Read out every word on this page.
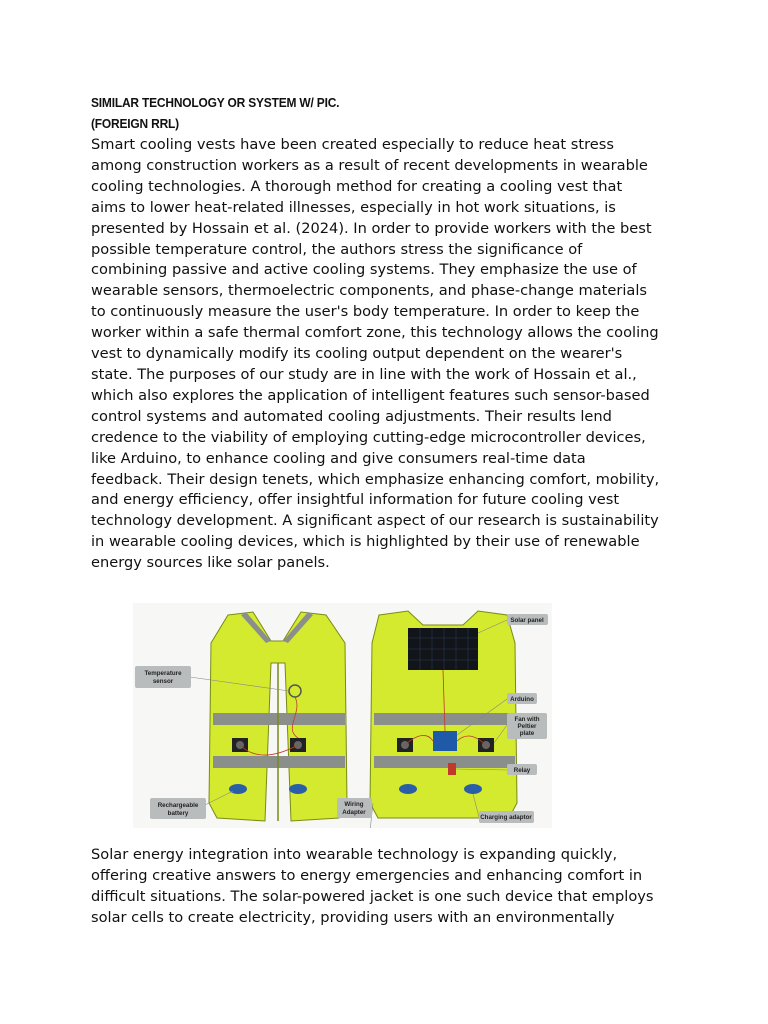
SIMILAR TECHNOLOGY OR SYSTEM W/ PIC.
(FOREIGN RRL)
Smart cooling vests have been created especially to reduce heat stress
among construction workers as a result of recent developments in wearable
cooling technologies. A thorough method for creating a cooling vest that
aims to lower heat-related illnesses, especially in hot work situations, is
presented by Hossain et al. (2024). In order to provide workers with the best
possible temperature control, the authors stress the significance of
combining passive and active cooling systems. They emphasize the use of
wearable sensors, thermoelectric components, and phase-change materials
to continuously measure the user's body temperature. In order to keep the
worker within a safe thermal comfort zone, this technology allows the cooling
vest to dynamically modify its cooling output dependent on the wearer's
state. The purposes of our study are in line with the work of Hossain et al.,
which also explores the application of intelligent features such sensor-based
control systems and automated cooling adjustments. Their results lend
credence to the viability of employing cutting-edge microcontroller devices,
like Arduino, to enhance cooling and give consumers real-time data
feedback. Their design tenets, which emphasize enhancing comfort, mobility,
and energy efficiency, offer insightful information for future cooling vest
technology development. A significant aspect of our research is sustainability
in wearable cooling devices, which is highlighted by their use of renewable
energy sources like solar panels.
Temperature
sensor
Rechargeable
battery
Wiring
Adapter
Solar panel
Arduino
Fan with
Peltier
plate
Relay
Charging adaptor
Solar energy integration into wearable technology is expanding quickly,
offering creative answers to energy emergencies and enhancing comfort in
difficult situations. The solar-powered jacket is one such device that employs
solar cells to create electricity, providing users with an environmentally
